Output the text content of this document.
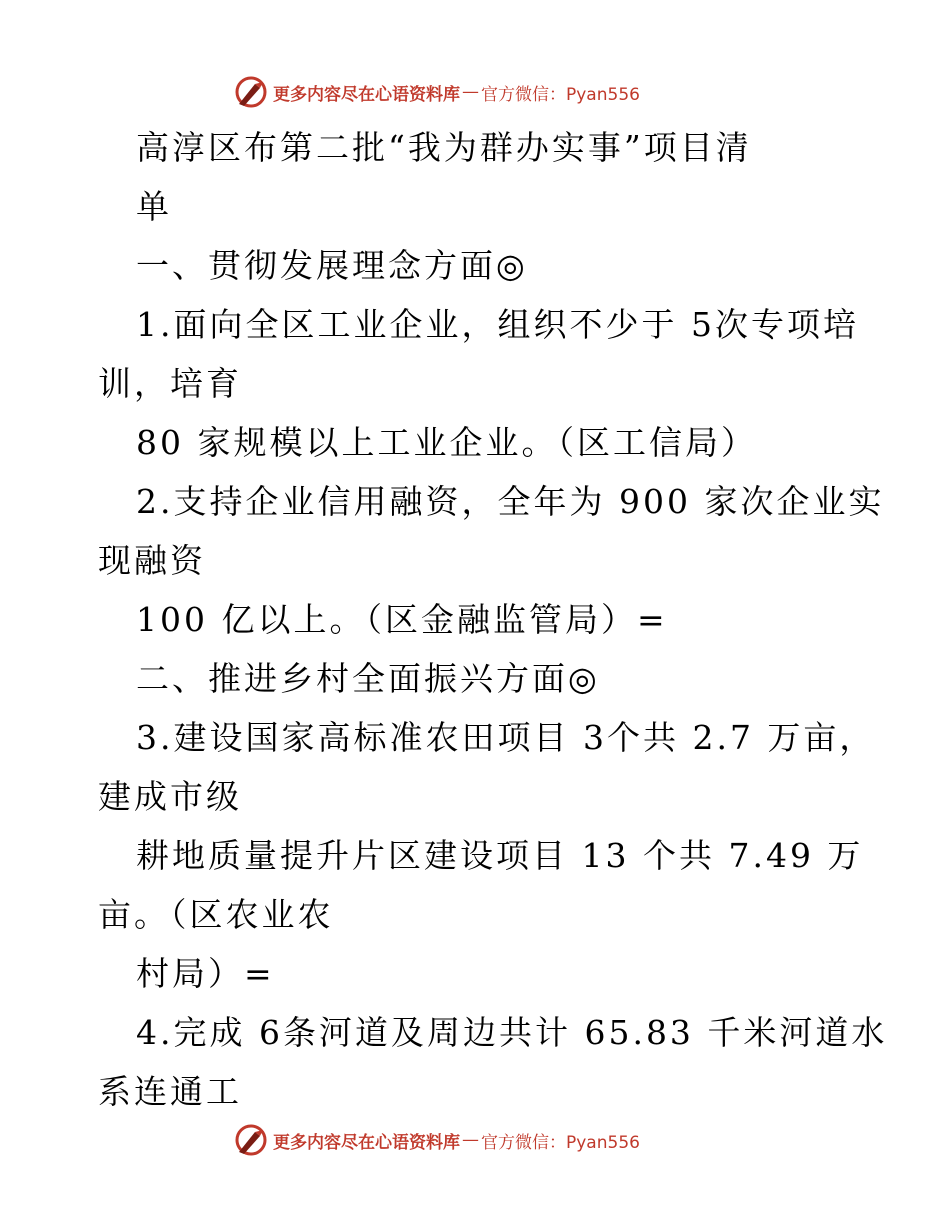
更多内容尽在心语资料库 — 官方微信：Pyan556
高淳区布第二批“我为群办实事”项目清
单
一、贯彻发展理念方面◎
1.面向全区工业企业，组织不少于 5次专项培
训，培育
80 家规模以上工业企业。（区工信局）
2.支持企业信用融资，全年为 900 家次企业实
现融资
100 亿以上。（区金融监管局）=
二、推进乡村全面振兴方面◎
3.建设国家高标准农田项目 3个共 2.7 万亩，
建成市级
耕地质量提升片区建设项目 13 个共 7.49 万
亩。（区农业农
村局）=
4.完成 6条河道及周边共计 65.83 千米河道水
系连通工
更多内容尽在心语资料库 — 官方微信：Pyan556
